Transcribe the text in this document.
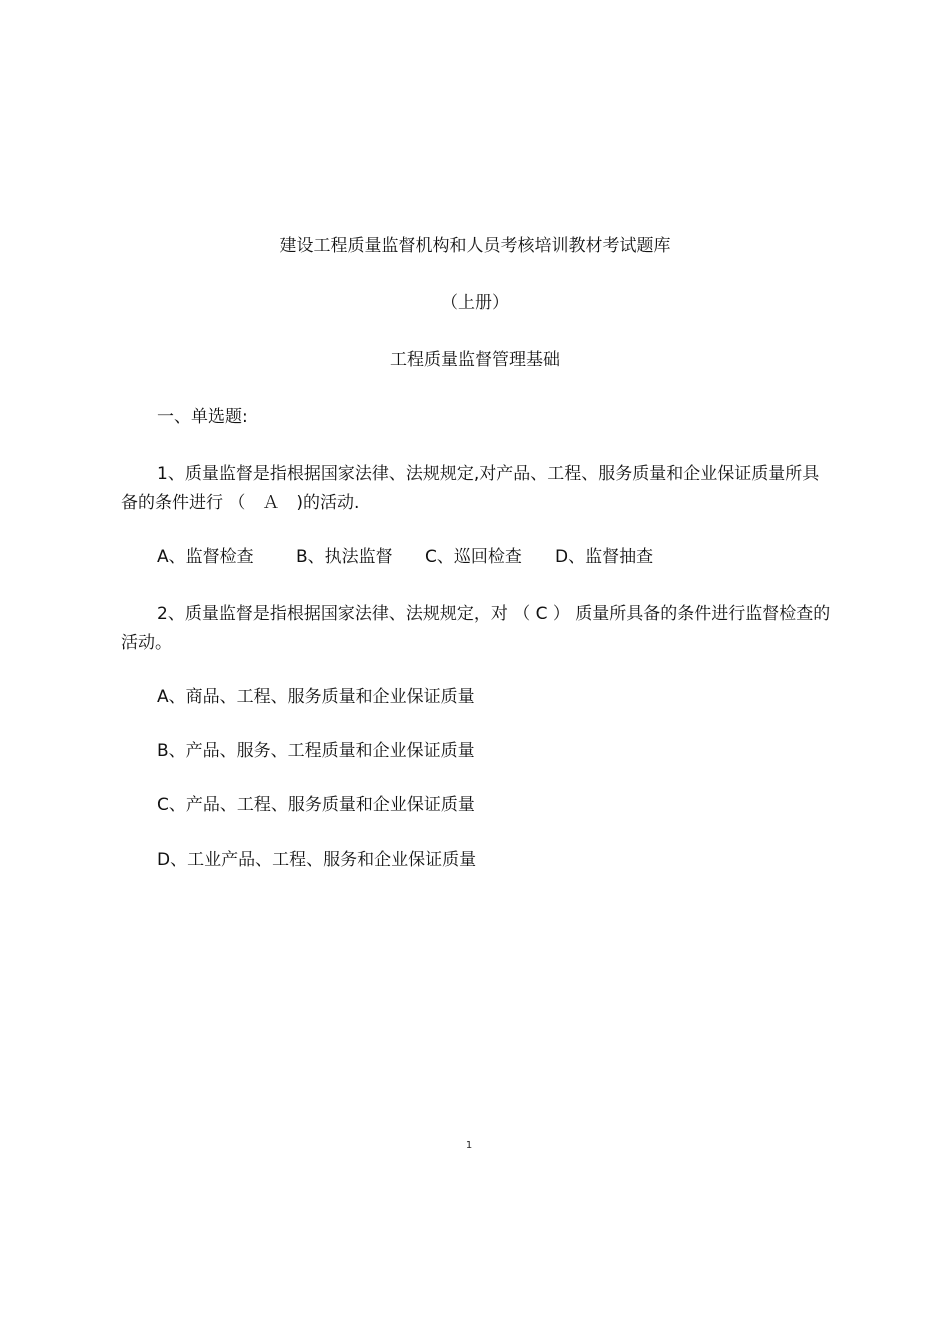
建设工程质量监督机构和人员考核培训教材考试题库
（上册）
工程质量监督管理基础
一、单选题:
1、质量监督是指根据国家法律、法规规定,对产品、工程、服务质量和企业保证质量所具备的条件进行 （　Ａ　)的活动.
A、监督检查 B、执法监督 C、巡回检查 D、监督抽查
2、质量监督是指根据国家法律、法规规定，对 （ C ） 质量所具备的条件进行监督检查的活动。
A、商品、工程、服务质量和企业保证质量
B、产品、服务、工程质量和企业保证质量
C、产品、工程、服务质量和企业保证质量
D、工业产品、工程、服务和企业保证质量
1
